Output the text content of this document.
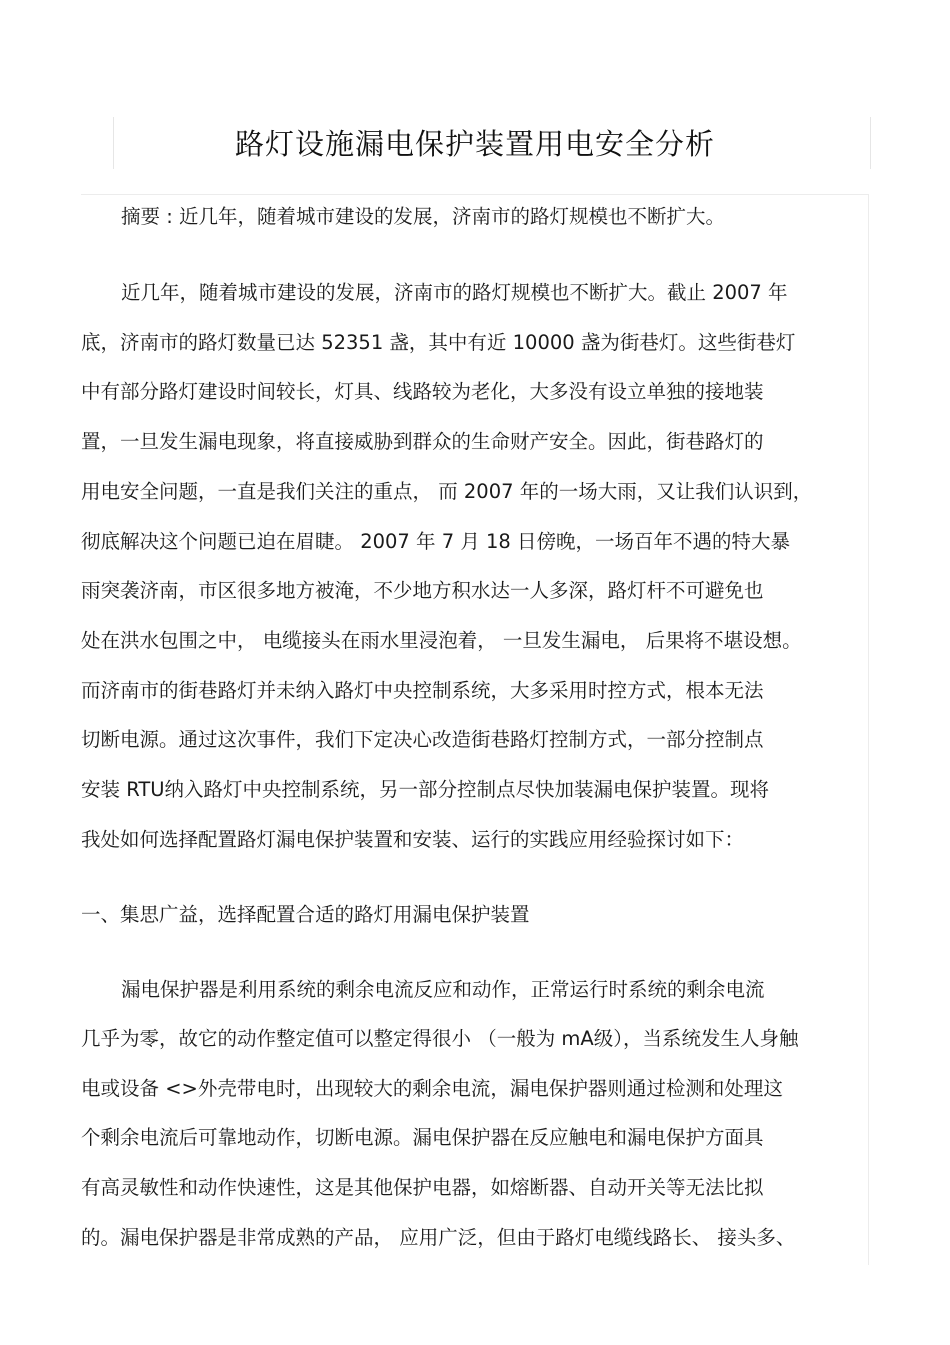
路灯设施漏电保护装置用电安全分析
摘要 : 近几年，随着城市建设的发展，济南市的路灯规模也不断扩大。
近几年，随着城市建设的发展，济南市的路灯规模也不断扩大。截止 2007 年
底，济南市的路灯数量已达 52351 盏，其中有近 10000 盏为街巷灯。这些街巷灯
中有部分路灯建设时间较长，灯具、线路较为老化，大多没有设立单独的接地装
置，一旦发生漏电现象，将直接威胁到群众的生命财产安全。因此，街巷路灯的
用电安全问题，一直是我们关注的重点， 而 2007 年的一场大雨，又让我们认识到，
彻底解决这个问题已迫在眉睫。 2007 年 7 月 18 日傍晚，一场百年不遇的特大暴
雨突袭济南，市区很多地方被淹，不少地方积水达一人多深，路灯杆不可避免也
处在洪水包围之中， 电缆接头在雨水里浸泡着， 一旦发生漏电， 后果将不堪设想。
而济南市的街巷路灯并未纳入路灯中央控制系统，大多采用时控方式，根本无法
切断电源。通过这次事件，我们下定决心改造街巷路灯控制方式，一部分控制点
安装 RTU纳入路灯中央控制系统，另一部分控制点尽快加装漏电保护装置。现将
我处如何选择配置路灯漏电保护装置和安装、运行的实践应用经验探讨如下：
一、集思广益，选择配置合适的路灯用漏电保护装置
漏电保护器是利用系统的剩余电流反应和动作，正常运行时系统的剩余电流
几乎为零，故它的动作整定值可以整定得很小 （一般为 mA级），当系统发生人身触
电或设备 <>外壳带电时，出现较大的剩余电流，漏电保护器则通过检测和处理这
个剩余电流后可靠地动作，切断电源。漏电保护器在反应触电和漏电保护方面具
有高灵敏性和动作快速性，这是其他保护电器，如熔断器、自动开关等无法比拟
的。漏电保护器是非常成熟的产品， 应用广泛，但由于路灯电缆线路长、 接头多、
